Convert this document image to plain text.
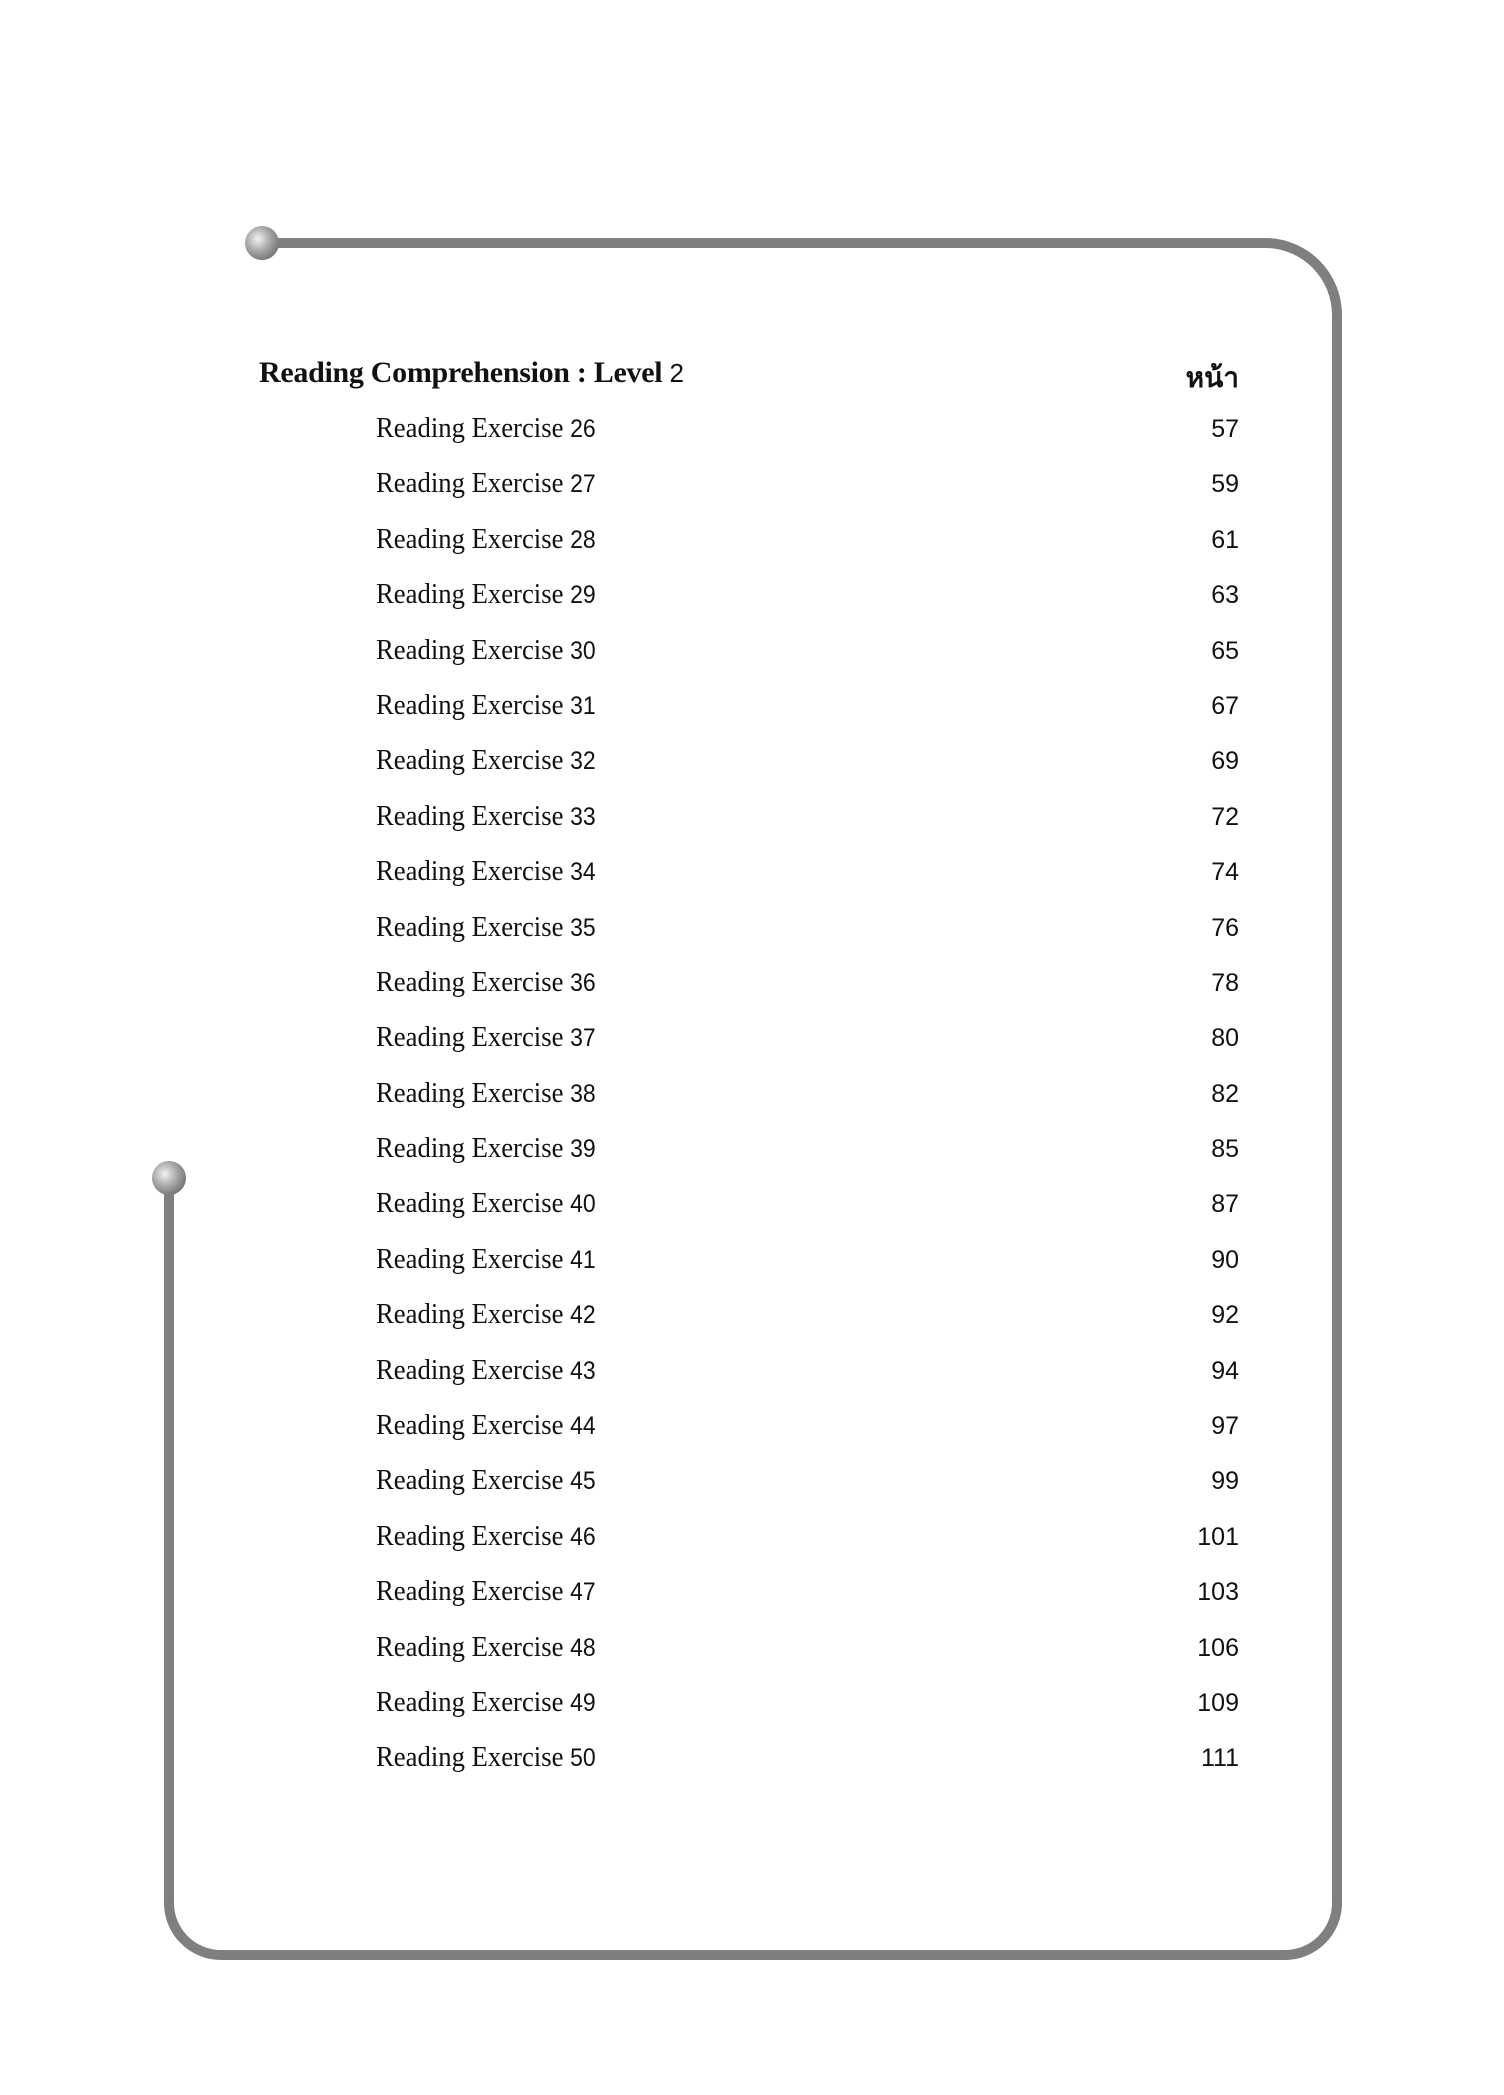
Reading Comprehension : Level 2	หน้า
Reading Exercise 26	57
Reading Exercise 27	59
Reading Exercise 28	61
Reading Exercise 29	63
Reading Exercise 30	65
Reading Exercise 31	67
Reading Exercise 32	69
Reading Exercise 33	72
Reading Exercise 34	74
Reading Exercise 35	76
Reading Exercise 36	78
Reading Exercise 37	80
Reading Exercise 38	82
Reading Exercise 39	85
Reading Exercise 40	87
Reading Exercise 41	90
Reading Exercise 42	92
Reading Exercise 43	94
Reading Exercise 44	97
Reading Exercise 45	99
Reading Exercise 46	101
Reading Exercise 47	103
Reading Exercise 48	106
Reading Exercise 49	109
Reading Exercise 50	111
